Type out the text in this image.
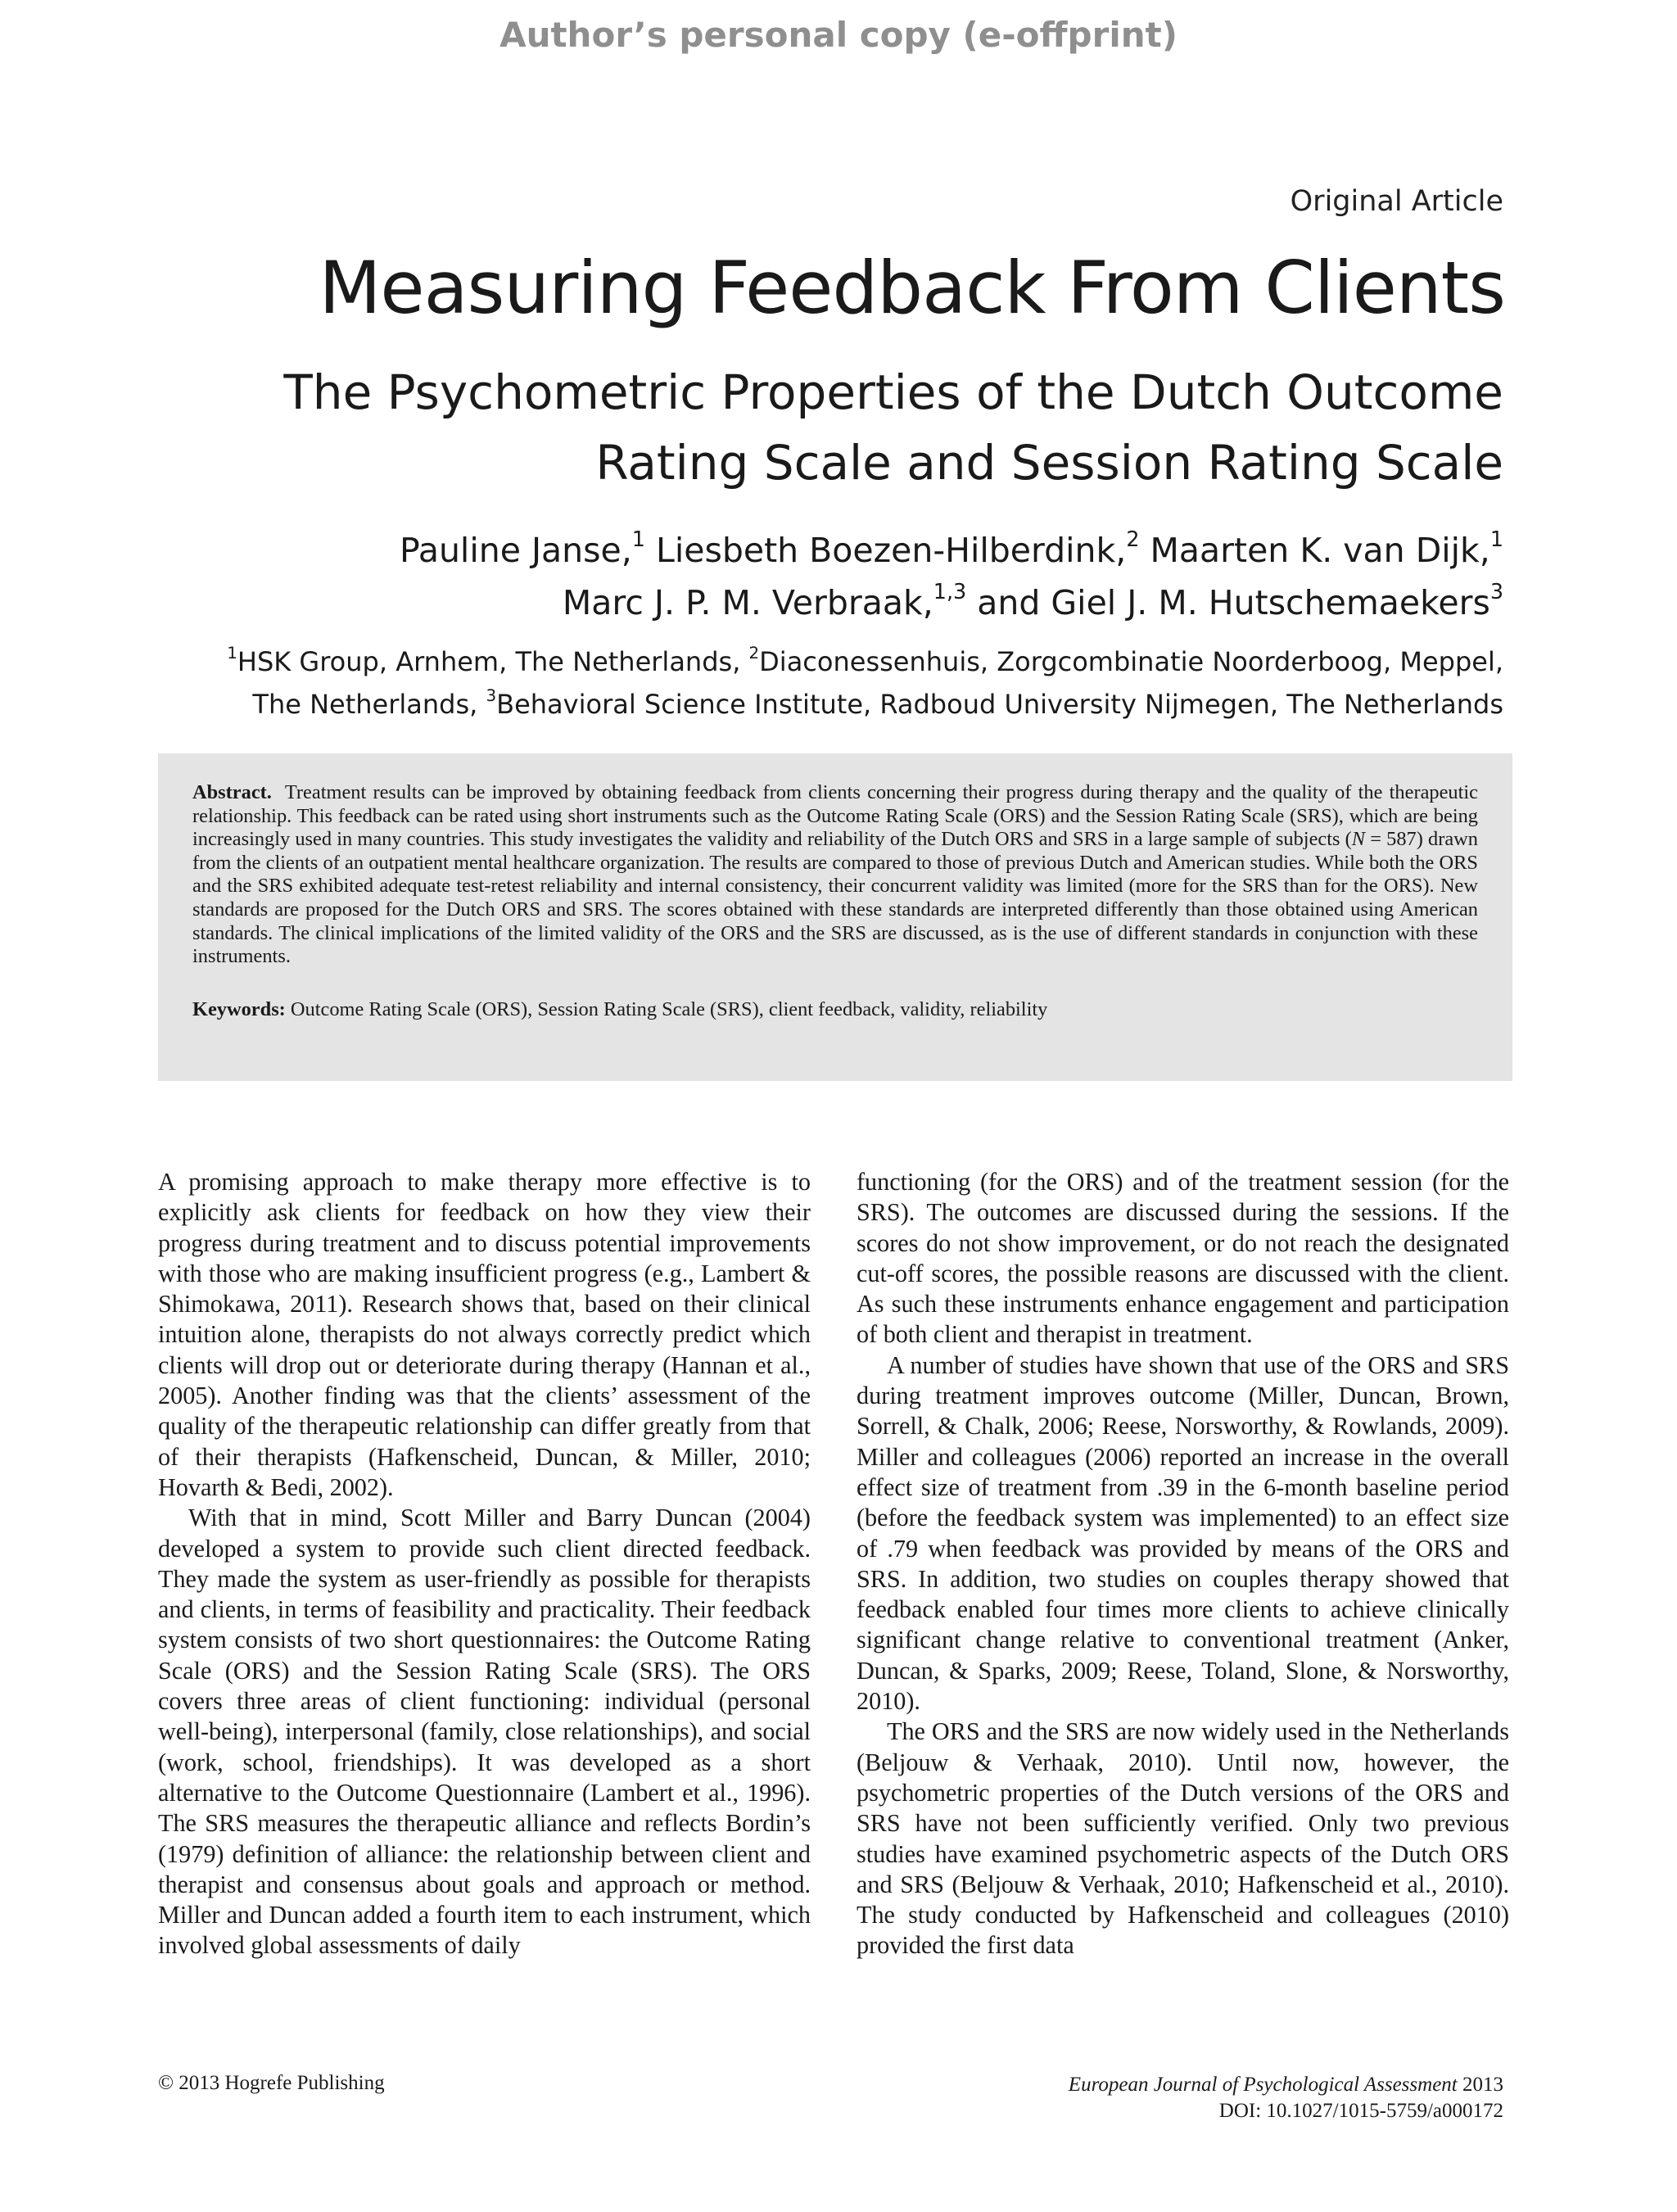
Author’s personal copy (e-offprint)
Original Article
Measuring Feedback From Clients
The Psychometric Properties of the Dutch Outcome
Rating Scale and Session Rating Scale
Pauline Janse,$^1$ Liesbeth Boezen-Hilberdink,$^2$ Maarten K. van Dijk,$^1$
Marc J. P. M. Verbraak,$^{1,3}$ and Giel J. M. Hutschemaekers$^3$
$^1$HSK Group, Arnhem, The Netherlands, $^2$Diaconessenhuis, Zorgcombinatie Noorderboog, Meppel,
The Netherlands, $^3$Behavioral Science Institute, Radboud University Nijmegen, The Netherlands
Abstract. Treatment results can be improved by obtaining feedback from clients concerning their progress during therapy and the quality of the therapeutic relationship. This feedback can be rated using short instruments such as the Outcome Rating Scale (ORS) and the Session Rating Scale (SRS), which are being increasingly used in many countries. This study investigates the validity and reliability of the Dutch ORS and SRS in a large sample of subjects (N = 587) drawn from the clients of an outpatient mental healthcare organization. The results are compared to those of previous Dutch and American studies. While both the ORS and the SRS exhibited adequate test-retest reliability and internal consistency, their concurrent validity was limited (more for the SRS than for the ORS). New standards are proposed for the Dutch ORS and SRS. The scores obtained with these standards are interpreted differently than those obtained using American standards. The clinical implications of the limited validity of the ORS and the SRS are discussed, as is the use of different standards in conjunction with these instruments.
Keywords: Outcome Rating Scale (ORS), Session Rating Scale (SRS), client feedback, validity, reliability

A promising approach to make therapy more effective is to explicitly ask clients for feedback on how they view their progress during treatment and to discuss potential improvements with those who are making insufficient progress (e.g., Lambert & Shimokawa, 2011). Research shows that, based on their clinical intuition alone, therapists do not always correctly predict which clients will drop out or deteriorate during therapy (Hannan et al., 2005). Another finding was that the clients’ assessment of the quality of the therapeutic relationship can differ greatly from that of their therapists (Hafkenscheid, Duncan, & Miller, 2010; Hovarth & Bedi, 2002).

With that in mind, Scott Miller and Barry Duncan (2004) developed a system to provide such client directed feedback. They made the system as user-friendly as possible for therapists and clients, in terms of feasibility and practicality. Their feedback system consists of two short questionnaires: the Outcome Rating Scale (ORS) and the Session Rating Scale (SRS). The ORS covers three areas of client functioning: individual (personal well-being), interpersonal (family, close relationships), and social (work, school, friendships). It was developed as a short alternative to the Outcome Questionnaire (Lambert et al., 1996). The SRS measures the therapeutic alliance and reflects Bordin’s (1979) definition of alliance: the relationship between client and therapist and consensus about goals and approach or method. Miller and Duncan added a fourth item to each instrument, which involved global assessments of daily

functioning (for the ORS) and of the treatment session (for the SRS). The outcomes are discussed during the sessions. If the scores do not show improvement, or do not reach the designated cut-off scores, the possible reasons are discussed with the client. As such these instruments enhance engagement and participation of both client and therapist in treatment.

A number of studies have shown that use of the ORS and SRS during treatment improves outcome (Miller, Duncan, Brown, Sorrell, & Chalk, 2006; Reese, Norsworthy, & Rowlands, 2009). Miller and colleagues (2006) reported an increase in the overall effect size of treatment from .39 in the 6-month baseline period (before the feedback system was implemented) to an effect size of .79 when feedback was provided by means of the ORS and SRS. In addition, two studies on couples therapy showed that feedback enabled four times more clients to achieve clinically significant change relative to conventional treatment (Anker, Duncan, & Sparks, 2009; Reese, Toland, Slone, & Norsworthy, 2010).

The ORS and the SRS are now widely used in the Netherlands (Beljouw & Verhaak, 2010). Until now, however, the psychometric properties of the Dutch versions of the ORS and SRS have not been sufficiently verified. Only two previous studies have examined psychometric aspects of the Dutch ORS and SRS (Beljouw & Verhaak, 2010; Hafkenscheid et al., 2010). The study conducted by Hafkenscheid and colleagues (2010) provided the first data

© 2013 Hogrefe Publishing	European Journal of Psychological Assessment 2013
DOI: 10.1027/1015-5759/a000172
